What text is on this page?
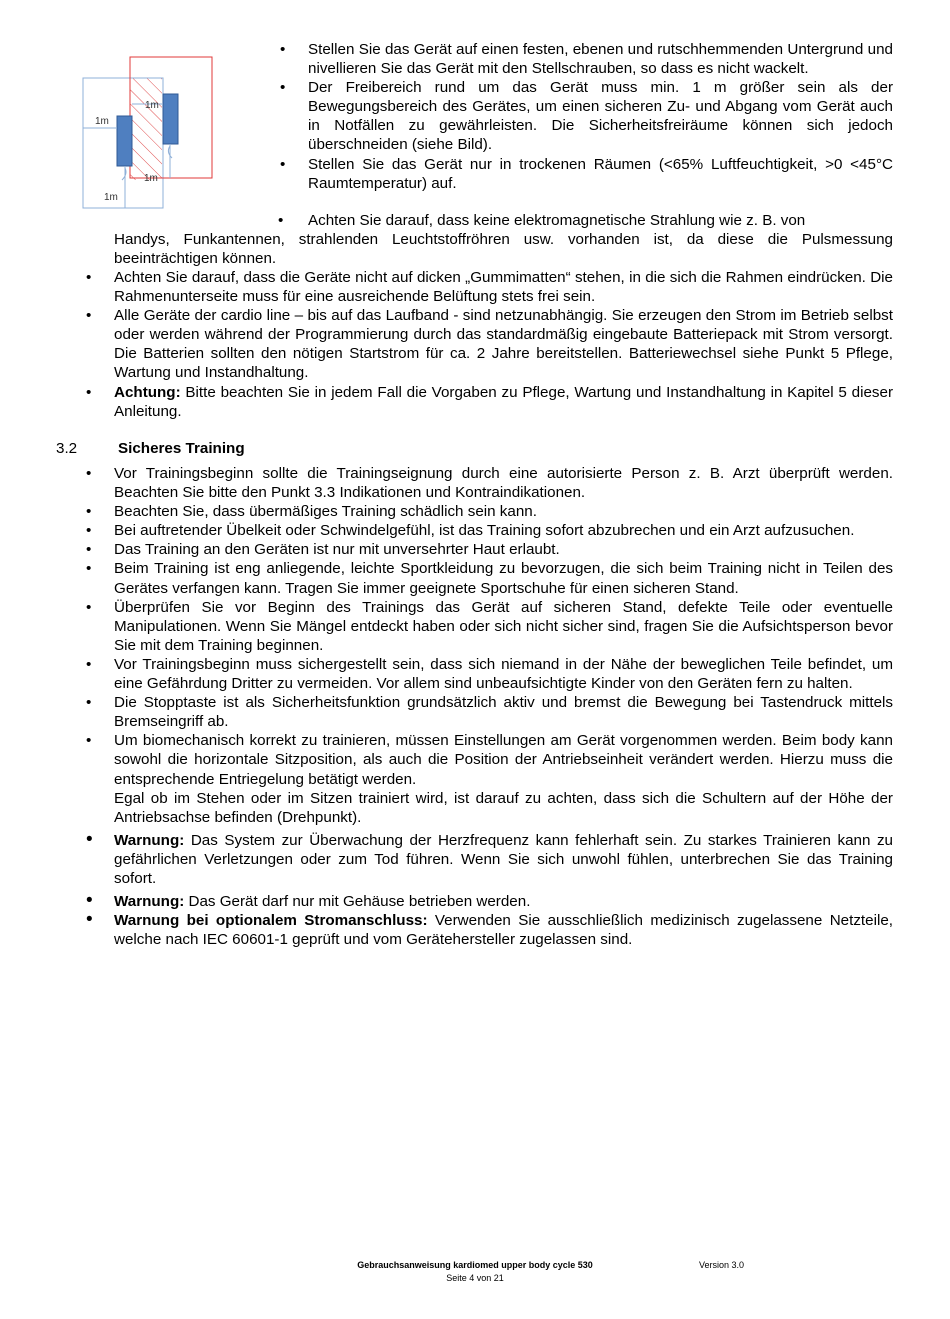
1m
1m
1m
1m
• Stellen Sie das Gerät auf einen festen, ebenen und rutschhemmenden Untergrund und nivellieren Sie das Gerät mit den Stellschrauben, so dass es nicht wackelt.
• Der Freibereich rund um das Gerät muss min. 1 m größer sein als der Bewegungsbereich des Gerätes, um einen sicheren Zu- und Abgang vom Gerät auch in Notfällen zu gewährleisten. Die Sicherheitsfreiräume können sich jedoch überschneiden (siehe Bild).
• Stellen Sie das Gerät nur in trockenen Räumen (<65% Luftfeuchtigkeit, >0 <45°C Raumtemperatur) auf.
• Achten Sie darauf, dass keine elektromagnetische Strahlung wie z. B. von
Handys, Funkantennen, strahlenden Leuchtstoffröhren usw. vorhanden ist, da diese die Pulsmessung beeinträchtigen können.
• Achten Sie darauf, dass die Geräte nicht auf dicken „Gummimatten“ stehen, in die sich die Rahmen eindrücken. Die Rahmenunterseite muss für eine ausreichende Belüftung stets frei sein.
• Alle Geräte der cardio line – bis auf das Laufband - sind netzunabhängig. Sie erzeugen den Strom im Betrieb selbst oder werden während der Programmierung durch das standardmäßig eingebaute Batteriepack mit Strom versorgt. Die Batterien sollten den nötigen Startstrom für ca. 2 Jahre bereitstellen. Batteriewechsel siehe Punkt 5 Pflege, Wartung und Instandhaltung.
• Achtung: Bitte beachten Sie in jedem Fall die Vorgaben zu Pflege, Wartung und Instandhaltung in Kapitel 5 dieser Anleitung.
3.2	Sicheres Training
• Vor Trainingsbeginn sollte die Trainingseignung durch eine autorisierte Person z. B. Arzt überprüft werden. Beachten Sie bitte den Punkt 3.3 Indikationen und Kontraindikationen.
• Beachten Sie, dass übermäßiges Training schädlich sein kann.
• Bei auftretender Übelkeit oder Schwindelgefühl, ist das Training sofort abzubrechen und ein Arzt aufzusuchen.
• Das Training an den Geräten ist nur mit unversehrter Haut erlaubt.
• Beim Training ist eng anliegende, leichte Sportkleidung zu bevorzugen, die sich beim Training nicht in Teilen des Gerätes verfangen kann. Tragen Sie immer geeignete Sportschuhe für einen sicheren Stand.
• Überprüfen Sie vor Beginn des Trainings das Gerät auf sicheren Stand, defekte Teile oder eventuelle Manipulationen. Wenn Sie Mängel entdeckt haben oder sich nicht sicher sind, fragen Sie die Aufsichtsperson bevor Sie mit dem Training beginnen.
• Vor Trainingsbeginn muss sichergestellt sein, dass sich niemand in der Nähe der beweglichen Teile befindet, um eine Gefährdung Dritter zu vermeiden. Vor allem sind unbeaufsichtigte Kinder von den Geräten fern zu halten.
• Die Stopptaste ist als Sicherheitsfunktion grundsätzlich aktiv und bremst die Bewegung bei Tastendruck mittels Bremseingriff ab.
• Um biomechanisch korrekt zu trainieren, müssen Einstellungen am Gerät vorgenommen werden. Beim body kann sowohl die horizontale Sitzposition, als auch die Position der Antriebseinheit verändert werden. Hierzu muss die entsprechende Entriegelung betätigt werden.
Egal ob im Stehen oder im Sitzen trainiert wird, ist darauf zu achten, dass sich die Schultern auf der Höhe der Antriebsachse befinden (Drehpunkt).
• Warnung: Das System zur Überwachung der Herzfrequenz kann fehlerhaft sein. Zu starkes Trainieren kann zu gefährlichen Verletzungen oder zum Tod führen. Wenn Sie sich unwohl fühlen, unterbrechen Sie das Training sofort.
• Warnung: Das Gerät darf nur mit Gehäuse betrieben werden.
• Warnung bei optionalem Stromanschluss: Verwenden Sie ausschließlich medizinisch zugelassene Netzteile, welche nach IEC 60601-1 geprüft und vom Gerätehersteller zugelassen sind.
Gebrauchsanweisung kardiomed upper body cycle 530	Version 3.0
Seite 4 von 21
